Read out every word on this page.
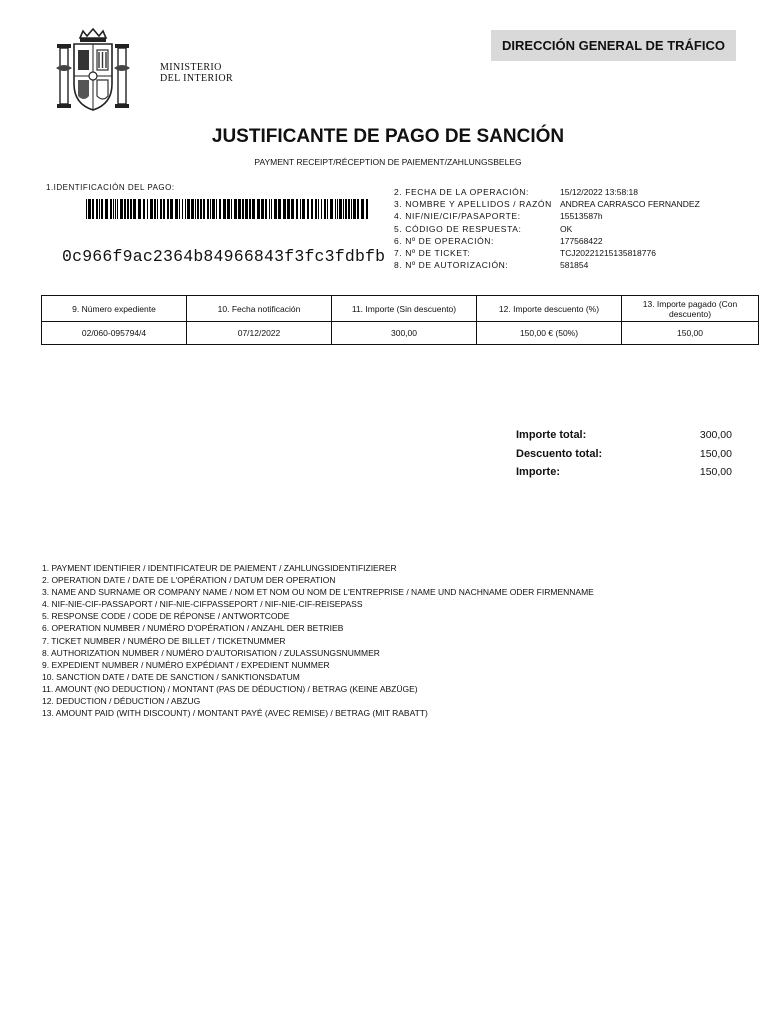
MINISTERIO
DEL INTERIOR
DIRECCIÓN GENERAL DE TRÁFICO
JUSTIFICANTE DE PAGO DE SANCIÓN
PAYMENT RECEIPT/RÉCEPTION DE PAIEMENT/ZAHLUNGSBELEG
1.IDENTIFICACIÓN DEL PAGO:
0c966f9ac2364b84966843f3fc3fdbfb
2. FECHA DE LA OPERACIÓN:	15/12/2022 13:58:18
3. NOMBRE Y APELLIDOS / RAZÓN ANDREA CARRASCO FERNANDEZ
4. NIF/NIE/CIF/PASAPORTE:	15513587h
5. CÓDIGO DE RESPUESTA:	OK
6. Nº DE OPERACIÓN:	177568422
7. Nº DE TICKET:	TCJ20221215135818776
8. Nº DE AUTORIZACIÓN:	581854
9. Número expediente	10. Fecha notificación	11. Importe (Sin descuento)	12. Importe descuento (%)	13. Importe pagado (Con descuento)
02/060-095794/4	07/12/2022	300,00	150,00 € (50%)	150,00
Importe total:	300,00
Descuento total:	150,00
Importe:	150,00
1. PAYMENT IDENTIFIER / IDENTIFICATEUR DE PAIEMENT / ZAHLUNGSIDENTIFIZIERER
2. OPERATION DATE / DATE DE L'OPÉRATION / DATUM DER OPERATION
3. NAME AND SURNAME OR COMPANY NAME / NOM ET NOM OU NOM DE L'ENTREPRISE / NAME UND NACHNAME ODER FIRMENNAME
4. NIF-NIE-CIF-PASSAPORT / NIF-NIE-CIFPASSEPORT / NIF-NIE-CIF-REISEPASS
5. RESPONSE CODE / CODE DE RÉPONSE / ANTWORTCODE
6. OPERATION NUMBER / NUMÉRO D'OPÉRATION / ANZAHL DER BETRIEB
7. TICKET NUMBER / NUMÉRO DE BILLET / TICKETNUMMER
8. AUTHORIZATION NUMBER / NUMÉRO D'AUTORISATION / ZULASSUNGSNUMMER
9. EXPEDIENT NUMBER / NUMÉRO EXPÉDIANT / EXPEDIENT NUMMER
10. SANCTION DATE / DATE DE SANCTION / SANKTIONSDATUM
11. AMOUNT (NO DEDUCTION) / MONTANT (PAS DE DÉDUCTION) / BETRAG (KEINE ABZÜGE)
12. DEDUCTION / DÉDUCTION / ABZUG
13. AMOUNT PAID (WITH DISCOUNT) / MONTANT PAYÉ (AVEC REMISE) / BETRAG (MIT RABATT)
